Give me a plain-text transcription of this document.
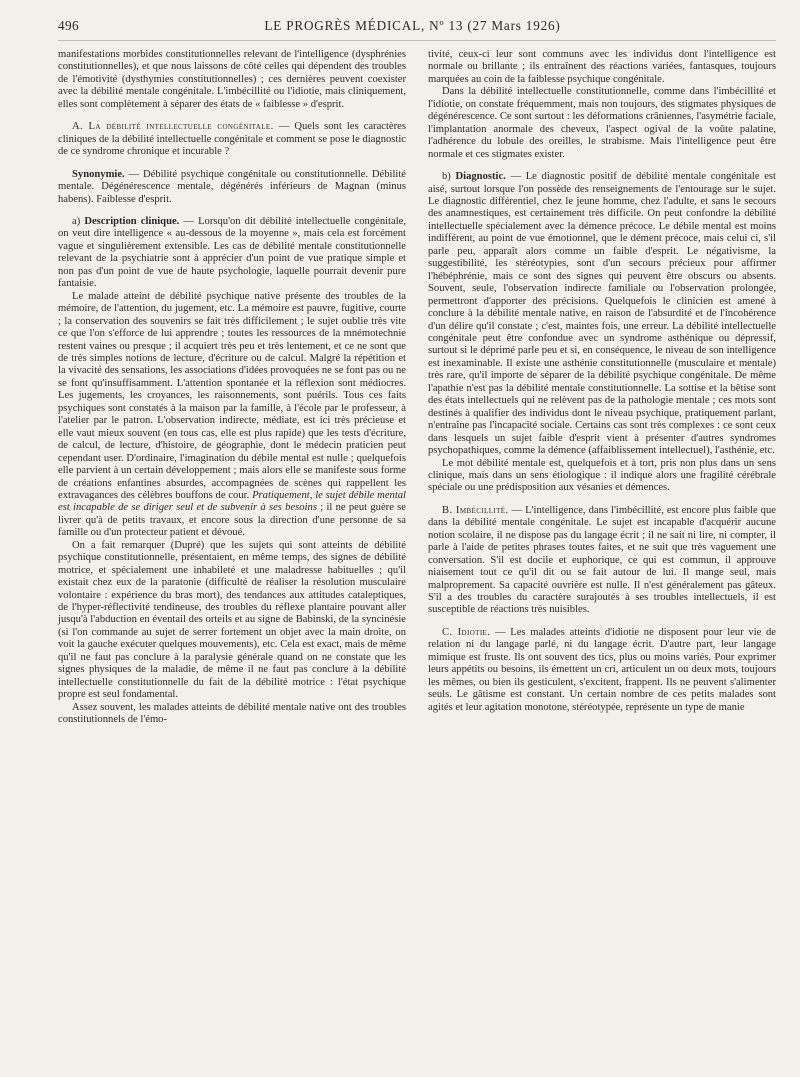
496	LE PROGRÈS MÉDICAL, Nº 13 (27 Mars 1926)

manifestations morbides constitutionnelles relevant de l'intelligence (dysphrénies constitutionnelles), et que nous laissons de côté celles qui dépendent des troubles de l'émotivité (dysthymies constitutionnelles) ; ces dernières peuvent coexister avec la débilité mentale congénitale. L'imbécillité ou l'idiotie, mais cliniquement, elles sont complètement à séparer des états de « faiblesse » d'esprit.

A. La débilité intellectuelle congénitale. — Quels sont les caractères cliniques de la débilité intellectuelle congénitale et comment se pose le diagnostic de ce syndrome chronique et incurable ?

Synonymie. — Débilité psychique congénitale ou constitutionnelle. Débilité mentale. Dégénérescence mentale, dégénérés inférieurs de Magnan (minus habens). Faiblesse d'esprit.

a) Description clinique. — Lorsqu'on dit débilité intellectuelle congénitale, on veut dire intelligence « au-dessous de la moyenne », mais cela est forcément vague et singulièrement extensible. Les cas de débilité mentale constitutionnelle relevant de la psychiatrie sont à apprécier d'un point de vue pratique simple et non pas d'un point de vue de haute psychologie, laquelle pourrait devenir pure fantaisie.

Le malade atteint de débilité psychique native présente des troubles de la mémoire, de l'attention, du jugement, etc. La mémoire est pauvre, fugitive, courte ; la conservation des souvenirs se fait très difficilement ; le sujet oublie très vite ce que l'on s'efforce de lui apprendre ; toutes les ressources de la mnémotechnie restent vaines ou presque ; il acquiert très peu et très lentement, et ce ne sont que de très simples notions de lecture, d'écriture ou de calcul. Malgré la répétition et la vivacité des sensations, les associations d'idées provoquées ne se font pas ou ne se font qu'insuffisamment. L'attention spontanée et la réflexion sont médiocres. Les jugements, les croyances, les raisonnements, sont puérils. Tous ces faits psychiques sont constatés à la maison par la famille, à l'école par le professeur, à l'atelier par le patron. L'observation indirecte, médiate, est ici très précieuse et elle vaut mieux souvent (en tous cas, elle est plus rapide) que les tests d'écriture, de calcul, de lecture, d'histoire, de géographie, dont le médecin praticien peut cependant user. D'ordinaire, l'imagination du débile mental est nulle ; quelquefois elle parvient à un certain développement ; mais alors elle se manifeste sous forme de créations enfantines absurdes, accompagnées de scènes qui rappellent les extravagances des célèbres bouffons de cour. Pratiquement, le sujet débile mental est incapable de se diriger seul et de subvenir à ses besoins ; il ne peut guère se livrer qu'à de petits travaux, et encore sous la direction d'une personne de sa famille ou d'un protecteur patient et dévoué.

On a fait remarquer (Dupré) que les sujets qui sont atteints de débilité psychique constitutionnelle, présentaient, en même temps, des signes de débilité motrice, et spécialement une inhabileté et une maladresse habituelles ; qu'il existait chez eux de la paratonie (difficulté de réaliser la résolution musculaire volontaire : expérience du bras mort), des tendances aux attitudes cataleptiques, de l'hyper-réflectivité tendineuse, des troubles du réflexe plantaire pouvant aller jusqu'à l'abduction en éventail des orteils et au signe de Babinski, de la syncinésie (si l'on commande au sujet de serrer fortement un objet avec la main droite, on voit la gauche exécuter quelques mouvements), etc. Cela est exact, mais de même qu'il ne faut pas conclure à la paralysie générale quand on ne constate que les signes physiques de la maladie, de même il ne faut pas conclure à la débilité intellectuelle constitutionnelle du fait de la débilité motrice : l'état psychique propre est seul fondamental.

Assez souvent, les malades atteints de débilité mentale native ont des troubles constitutionnels de l'émo-

tivité, ceux-ci leur sont communs avec les individus dont l'intelligence est normale ou brillante ; ils entraînent des réactions variées, fantasques, toujours marquées au coin de la faiblesse psychique congénitale.

Dans la débilité intellectuelle constitutionnelle, comme dans l'imbécillité et l'idiotie, on constate fréquemment, mais non toujours, des stigmates physiques de dégénérescence. Ce sont surtout : les déformations crâniennes, l'asymétrie faciale, l'implantation anormale des cheveux, l'aspect ogival de la voûte palatine, l'adhérence du lobule des oreilles, le strabisme. Mais l'intelligence peut être normale et ces stigmates exister.

b) Diagnostic. — Le diagnostic positif de débilité mentale congénitale est aisé, surtout lorsque l'on possède des renseignements de l'entourage sur le sujet. Le diagnostic différentiel, chez le jeune homme, chez l'adulte, et sans le secours des anamnestiques, est certainement très difficile. On peut confondre la débilité intellectuelle spécialement avec la démence précoce. Le débile mental est moins indifférent, au point de vue émotionnel, que le dément précoce, mais celui ci, s'il parle peu, apparaît alors comme un faible d'esprit. Le négativisme, la suggestibilité, les stéréotypies, sont d'un secours précieux pour affirmer l'hébéphrénie, mais ce sont des signes qui peuvent être obscurs ou absents. Souvent, seule, l'observation indirecte familiale ou l'observation prolongée, permettront d'apporter des précisions. Quelquefois le clinicien est amené à conclure à la débilité mentale native, en raison de l'absurdité et de l'incohérence d'un délire qu'il constate ; c'est, maintes fois, une erreur. La débilité intellectuelle congénitale peut être confondue avec un syndrome asthénique ou dépressif, surtout si le déprimé parle peu et si, en conséquence, le niveau de son intelligence est inexaminable. Il existe une asthénie constitutionnelle (musculaire et mentale) très rare, qu'il importe de séparer de la débilité psychique congénitale. De même l'apathie n'est pas la débilité mentale constitutionnelle. La sottise et la bêtise sont des états intellectuels qui ne relèvent pas de la pathologie mentale ; ces mots sont destinés à qualifier des individus dont le niveau psychique, pratiquement parlant, n'entraîne pas l'incapacité sociale. Certains cas sont très complexes : ce sont ceux dans lesquels un sujet faible d'esprit vient à présenter d'autres syndromes psychopathiques, comme la démence (affaiblissement intellectuel), l'asthénie, etc.

Le mot débilité mentale est, quelquefois et à tort, pris non plus dans un sens clinique, mais dans un sens étiologique : il indique alors une fragilité cérébrale spéciale ou une prédisposition aux vésanies et démences.

B. Imbécillité. — L'intelligence, dans l'imbécillité, est encore plus faible que dans la débilité mentale congénitale. Le sujet est incapable d'acquérir aucune notion scolaire, il ne dispose pas du langage écrit ; il ne sait ni lire, ni compter, il parle à l'aide de petites phrases toutes faites, et ne suit que très vaguement une conversation. S'il est docile et euphorique, ce qui est commun, il approuve niaisement tout ce qu'il dit ou se fait autour de lui. Il mange seul, mais malproprement. Sa capacité ouvrière est nulle. Il n'est généralement pas gâteux. S'il a des troubles du caractère surajoutés à ses troubles intellectuels, il est susceptible de réactions très nuisibles.

C. Idiotie. — Les malades atteints d'idiotie ne disposent pour leur vie de relation ni du langage parlé, ni du langage écrit. D'autre part, leur langage mimique est fruste. Ils ont souvent des tics, plus ou moins variés. Pour exprimer leurs appétits ou besoins, ils émettent un cri, articulent un ou deux mots, toujours les mêmes, ou bien ils gesticulent, s'excitent, frappent. Ils ne peuvent s'alimenter seuls. Le gâtisme est constant. Un certain nombre de ces petits malades sont agités et leur agitation monotone, stéréotypée, représente un type de manie
